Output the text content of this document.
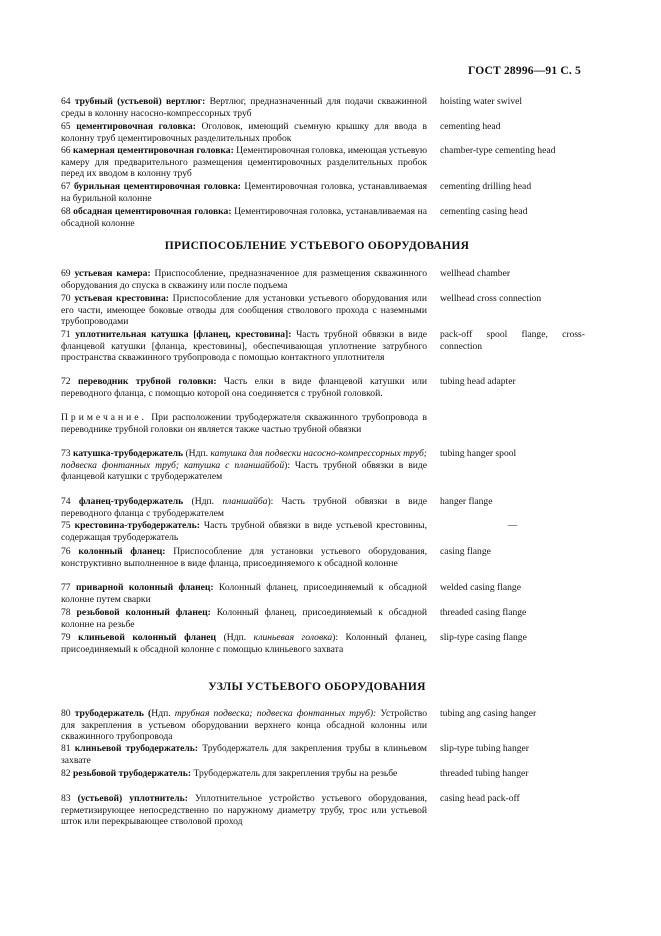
ГОСТ 28996—91 С. 5
64 трубный (устьевой) вертлюг: Вертлюг, предназначенный для подачи скважинной среды в колонну насосно-компрессорных труб
hoisting water swivel
65 цементировочная головка: Оголовок, имеющий съемную крышку для ввода в колонну труб цементировочных разделительных пробок
cementing head
66 камерная цементировочная головка: Цементировочная головка, имеющая устьевую камеру для предварительного размещения цементировочных разделительных пробок перед их вводом в колонну труб
chamber-type cementing head
67 бурильная цементировочная головка: Цементировочная головка, устанавливаемая на бурильной колонне
cementing drilling head
68 обсадная цементировочная головка: Цементировочная головка, устанавливаемая на обсадной колонне
cementing casing head
ПРИСПОСОБЛЕНИЕ УСТЬЕВОГО ОБОРУДОВАНИЯ
69 устьевая камера: Приспособление, предназначенное для размещения скважинного оборудования до спуска в скважину или после подъема
wellhead chamber
70 устьевая крестовина: Приспособление для установки устьевого оборудования или его части, имеющее боковые отводы для сообщения стволового прохода с наземными трубопроводами
wellhead cross connection
71 уплотнительная катушка [фланец, крестовина]: Часть трубной обвязки в виде фланцевой катушки [фланца, крестовины], обеспечивающая уплотнение затрубного пространства скважинного трубопровода с помощью контактного уплотнителя
pack-off spool flange, cross-connection
72 переводник трубной головки: Часть елки в виде фланцевой катушки или переводного фланца, с помощью которой она соединяется с трубной головкой.
tubing head adapter
Примечание. При расположении трубодержателя скважинного трубопровода в переводнике трубной головки он является также частью трубной обвязки
73 катушка-трубодержатель (Ндп. катушка для подвески насосно-компрессорных труб; подвеска фонтанных труб; катушка с планшайбой): Часть трубной обвязки в виде фланцевой катушки с трубодержателем
tubing hanger spool
74 фланец-трубодержатель (Ндп. планшайба): Часть трубной обвязки в виде переводного фланца с трубодержателем
hanger flange
75 крестовина-трубодержатель: Часть трубной обвязки в виде устьевой крестовины, содержащая трубодержатель
—
76 колонный фланец: Приспособление для установки устьевого оборудования, конструктивно выполненное в виде фланца, присоединяемого к обсадной колонне
casing flange
77 приварной колонный фланец: Колонный фланец, присоединяемый к обсадной колонне путем сварки
welded casing flange
78 резьбовой колонный фланец: Колонный фланец, присоединяемый к обсадной колонне на резьбе
threaded casing flange
79 клиньевой колонный фланец (Ндп. клиньевая головка): Колонный фланец, присоединяемый к обсадной колонне с помощью клиньевого захвата
slip-type casing flange
УЗЛЫ УСТЬЕВОГО ОБОРУДОВАНИЯ
80 трубодержатель (Ндп. трубная подвеска; подвеска фонтанных труб): Устройство для закрепления в устьевом оборудовании верхнего конца обсадной колонны или скважинного трубопровода
tubing ang casing hanger
81 клиньевой трубодержатель: Трубодержатель для закрепления трубы в клиньевом захвате
slip-type tubing hanger
82 резьбовой трубодержатель: Трубодержатель для закрепления трубы на резьбе	threaded tubing hanger
83 (устьевой) уплотнитель: Уплотнительное устройство устьевого оборудования, герметизирующее непосредственно по наружному диаметру трубу, трос или устьевой шток или перекрывающее стволовой проход
casing head pack-off
